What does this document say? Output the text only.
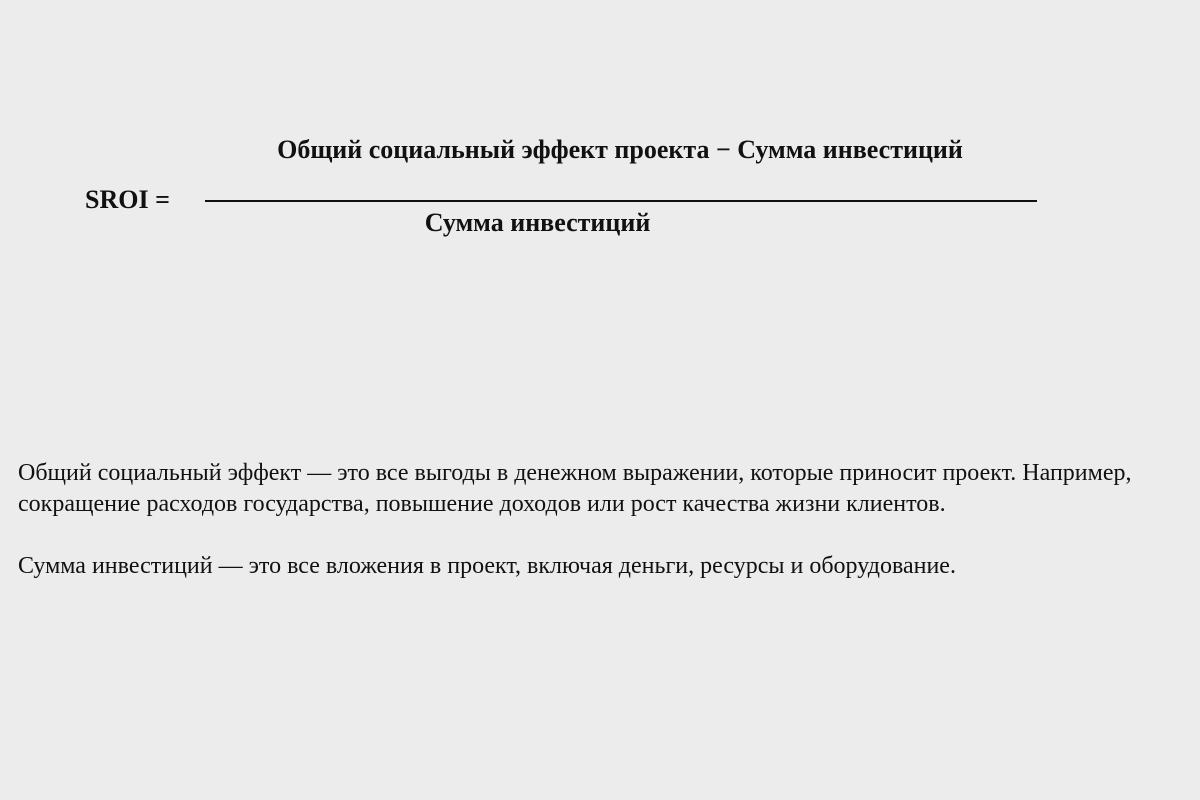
SROI =
Общий социальный эффект проекта − Сумма инвестиций
Сумма инвестиций

Общий социальный эффект — это все выгоды в денежном выражении, которые приносит проект. Например, сокращение расходов государства, повышение доходов или рост качества жизни клиентов.

Сумма инвестиций — это все вложения в проект, включая деньги, ресурсы и оборудование.
